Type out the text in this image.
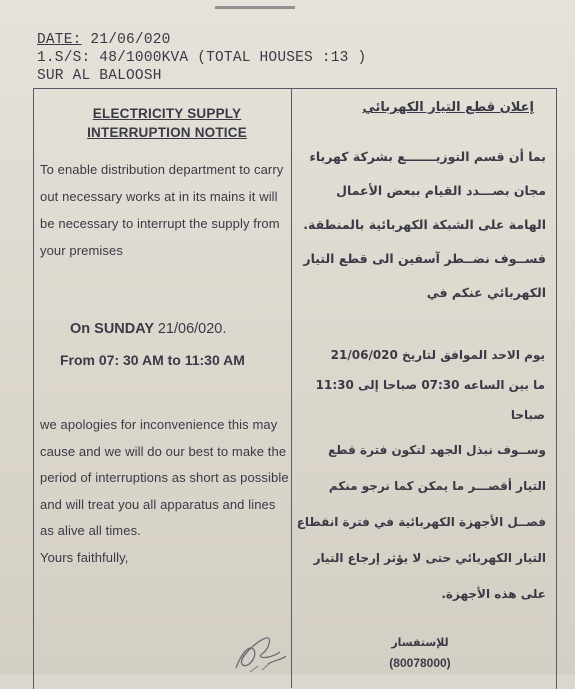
DATE: 21/06/020
1.S/S: 48/1000KVA (TOTAL HOUSES :13 )
SUR AL BALOOSH
ELECTRICITY SUPPLY
INTERRUPTION NOTICE
To enable distribution department to carry out necessary works at in its mains it will be necessary to interrupt the supply from your premises
On SUNDAY 21/06/020.
From 07: 30 AM to 11:30 AM
we apologies for inconvenience this may cause and we will do our best to make the period of interruptions as short as possible and will treat you all apparatus and lines as alive all times.
Yours faithfully,
إعلان قطع التيار الكهربائي
بما أن قسم التوزيـــــــع بشركة كهرباء مجان بصـــدد القيام ببعض الأعمال الهامة على الشبكة الكهربائية بالمنطقة. فســوف نضــطر آسفين الى قطع التيار الكهربائي عنكم في
يوم الاحد الموافق لتاريخ 21/06/020
ما بين الساعه 07:30 صباحا إلى 11:30 صباحا
وســوف نبذل الجهد لتكون فترة قطع التيار أقصـــر ما يمكن كما نرجو منكم فصــل الأجهزة الكهربائية في فترة انقطاع التيار الكهربائي حتى لا يؤثر إرجاع التيار على هذه الأجهزة.
للإستفسار
(80078000)
